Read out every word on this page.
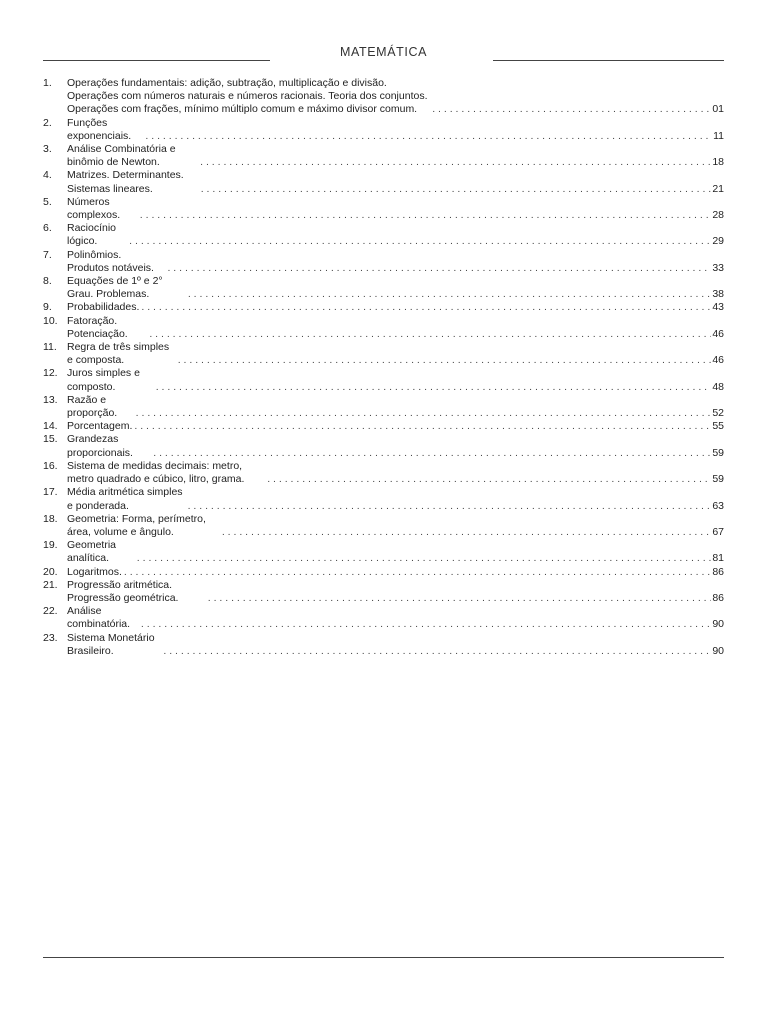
MATEMÁTICA
1.	Operações fundamentais: adição, subtração, multiplicação e divisão. Operações com números naturais e números racionais. Teoria dos conjuntos. Operações com frações, mínimo múltiplo comum e máximo divisor comum. . . .	01
2.	Funções exponenciais. . . .	11
3.	Análise Combinatória e binômio de Newton. . . .	18
4.	Matrizes. Determinantes. Sistemas lineares. . . .	21
5.	Números complexos. . . .	28
6.	Raciocínio lógico. . . .	29
7.	Polinômios. Produtos notáveis. . . .	33
8.	Equações de 1º e 2° Grau. Problemas. . . .	38
9.	Probabilidades. . . .	43
10. Fatoração. Potenciação. . . .	46
11. Regra de três simples e composta. . . .	46
12. Juros simples e composto. . . .	48
13. Razão e proporção. . . .	52
14. Porcentagem. . . .	55
15. Grandezas proporcionais. . . .	59
16. Sistema de medidas decimais: metro, metro quadrado e cúbico, litro, grama. . . .	59
17. Média aritmética simples e ponderada. . . .	63
18. Geometria: Forma, perímetro, área, volume e ângulo. . . .	67
19. Geometria analítica. . . .	81
20. Logaritmos. . . .	86
21. Progressão aritmética. Progressão geométrica. . . .	86
22. Análise combinatória. . . .	90
23. Sistema Monetário Brasileiro. . . .	90
